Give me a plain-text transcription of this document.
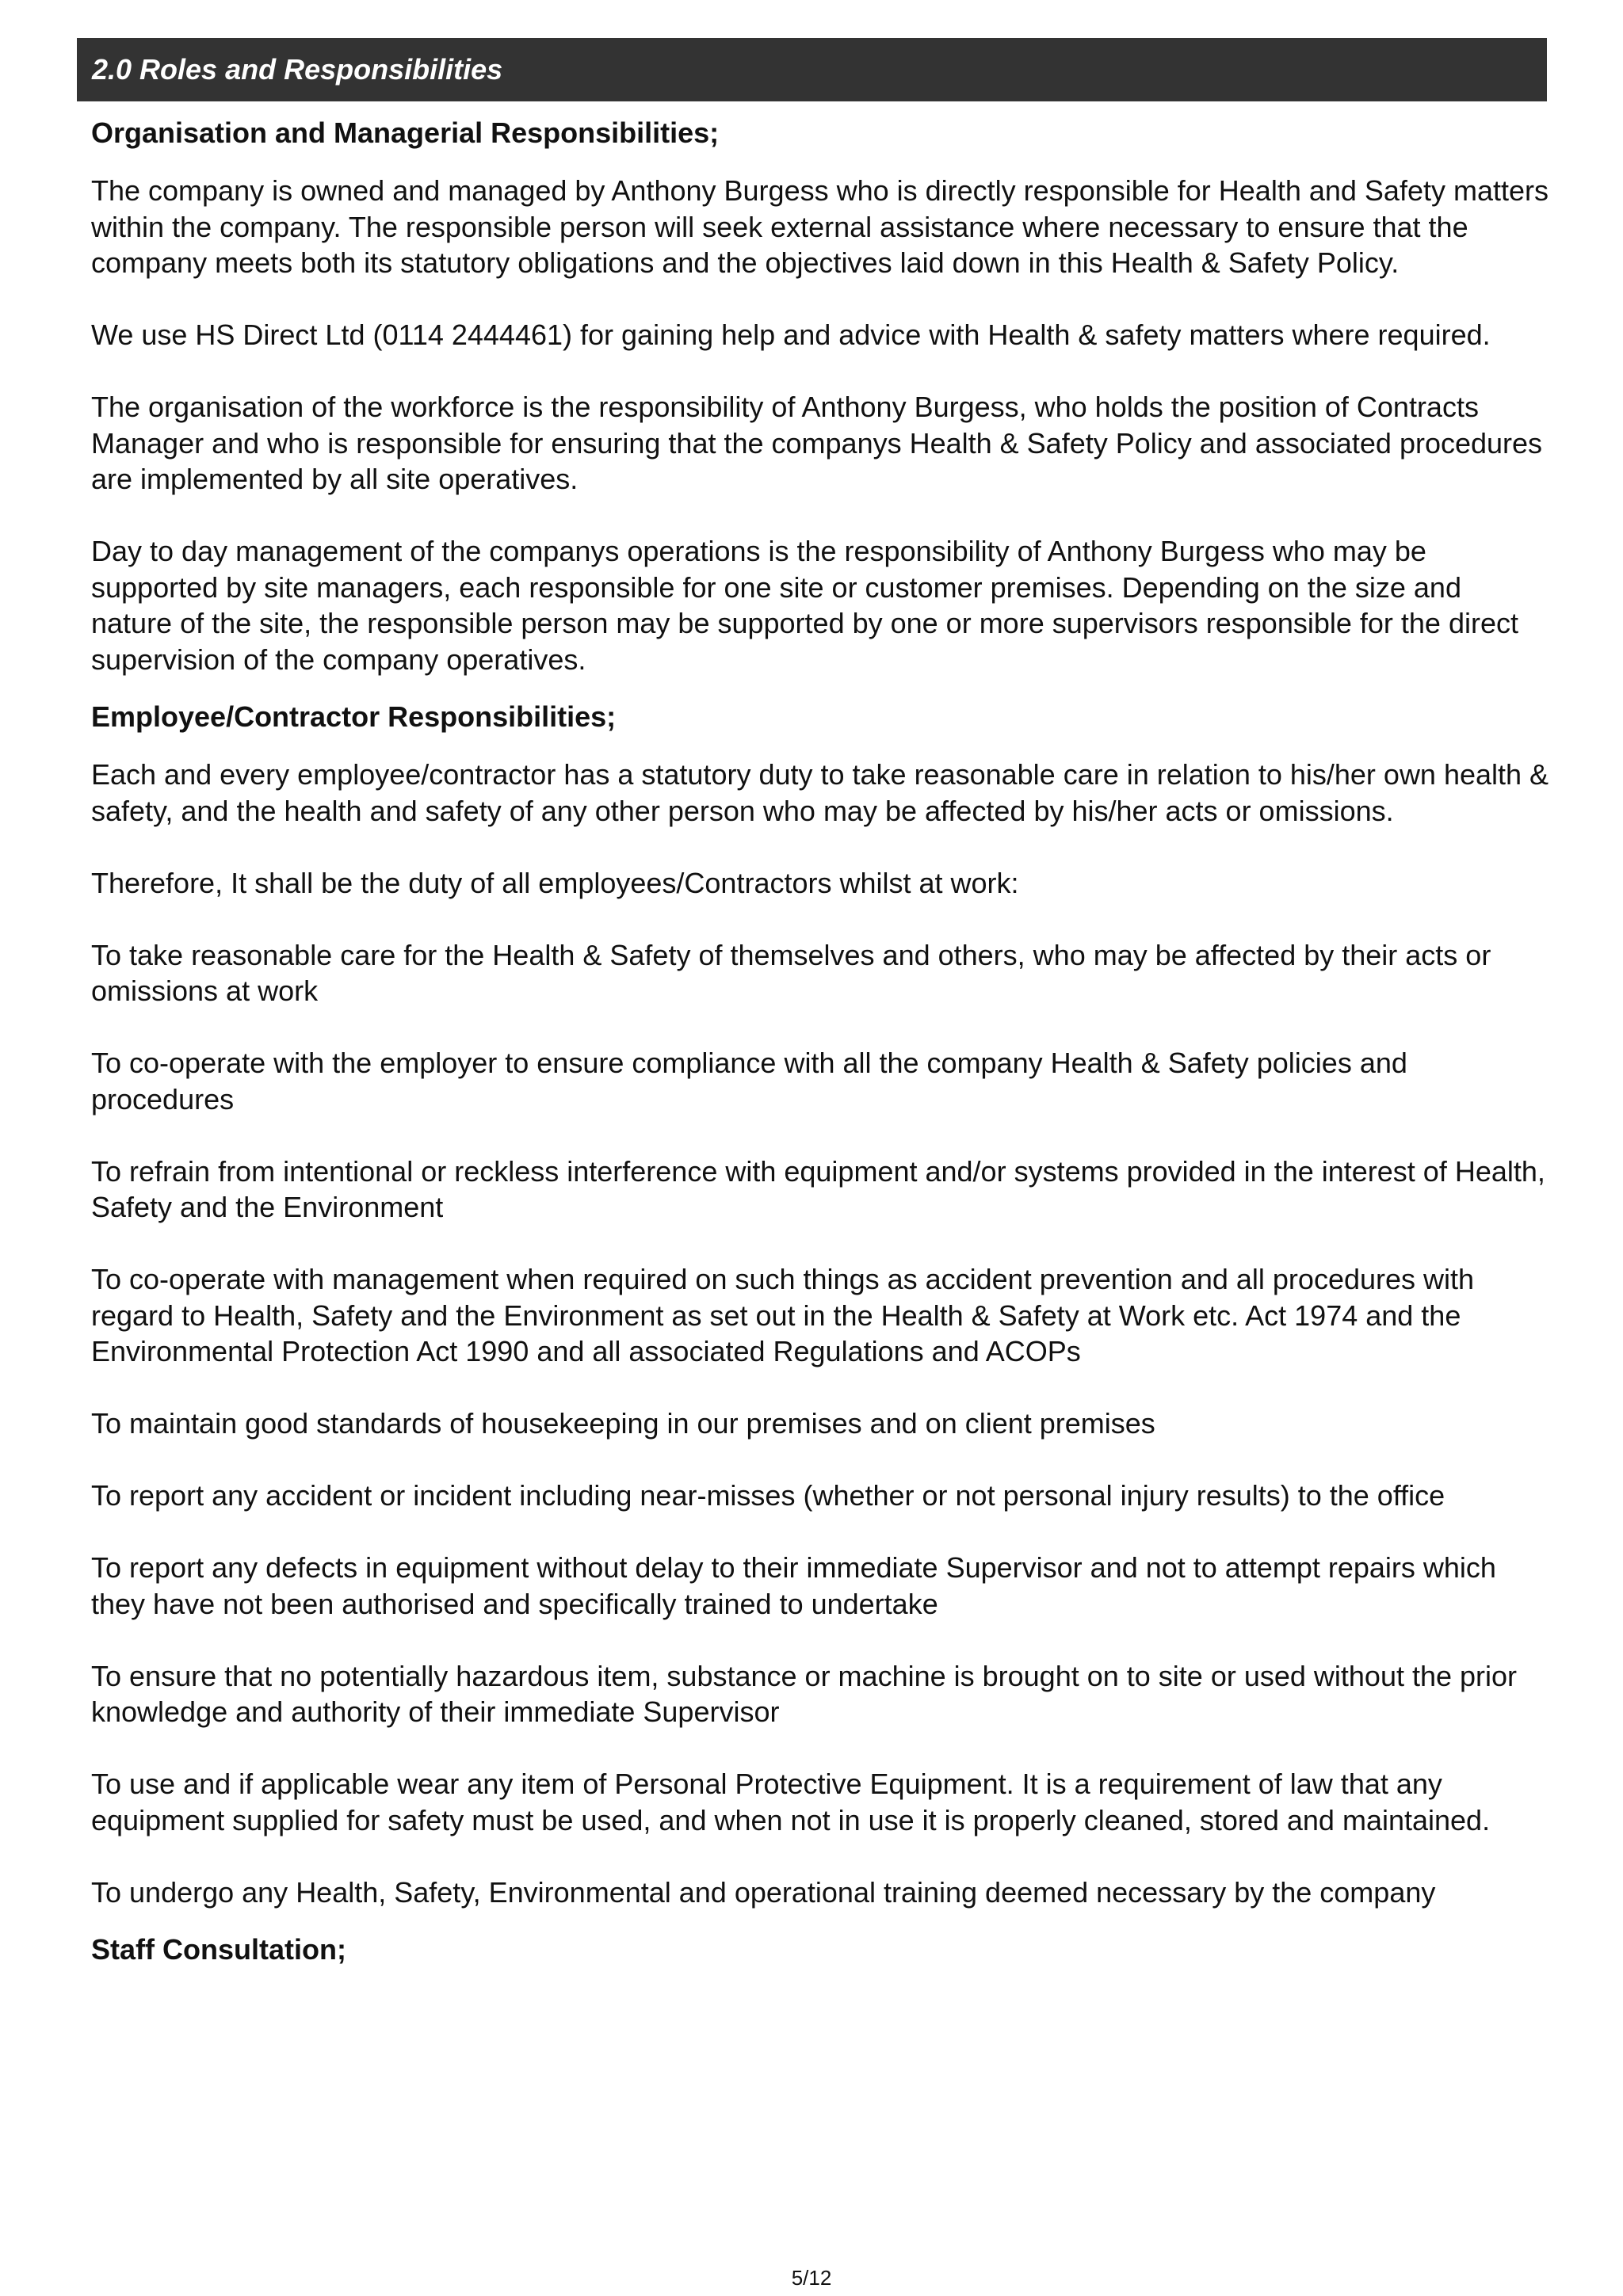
2.0 Roles and Responsibilities
Organisation and Managerial Responsibilities;

The company is owned and managed by Anthony Burgess who is directly responsible for Health and Safety matters within the company. The responsible person will seek external assistance where necessary to ensure that the company meets both its statutory obligations and the objectives laid down in this Health & Safety Policy.

We use HS Direct Ltd (0114 2444461) for gaining help and advice with Health & safety matters where required.

The organisation of the workforce is the responsibility of Anthony Burgess, who holds the position of Contracts Manager and who is responsible for ensuring that the companys Health & Safety Policy and associated procedures are implemented by all site operatives.

Day to day management of the companys operations is the responsibility of Anthony Burgess who may be supported by site managers, each responsible for one site or customer premises. Depending on the size and nature of the site, the responsible person may be supported by one or more supervisors responsible for the direct supervision of the company operatives.

Employee/Contractor Responsibilities;

Each and every employee/contractor has a statutory duty to take reasonable care in relation to his/her own health & safety, and the health and safety of any other person who may be affected by his/her acts or omissions.

Therefore, It shall be the duty of all employees/Contractors whilst at work:

To take reasonable care for the Health & Safety of themselves and others, who may be affected by their acts or omissions at work

To co-operate with the employer to ensure compliance with all the company Health & Safety policies and procedures

To refrain from intentional or reckless interference with equipment and/or systems provided in the interest of Health, Safety and the Environment

To co-operate with management when required on such things as accident prevention and all procedures with regard to Health, Safety and the Environment as set out in the Health & Safety at Work etc. Act 1974 and the Environmental Protection Act 1990 and all associated Regulations and ACOPs

To maintain good standards of housekeeping in our premises and on client premises

To report any accident or incident including near-misses (whether or not personal injury results) to the office

To report any defects in equipment without delay to their immediate Supervisor and not to attempt repairs which they have not been authorised and specifically trained to undertake

To ensure that no potentially hazardous item, substance or machine is brought on to site or used without the prior knowledge and authority of their immediate Supervisor

To use and if applicable wear any item of Personal Protective Equipment. It is a requirement of law that any equipment supplied for safety must be used, and when not in use it is properly cleaned, stored and maintained.

To undergo any Health, Safety, Environmental and operational training deemed necessary by the company

Staff Consultation;
5/12
